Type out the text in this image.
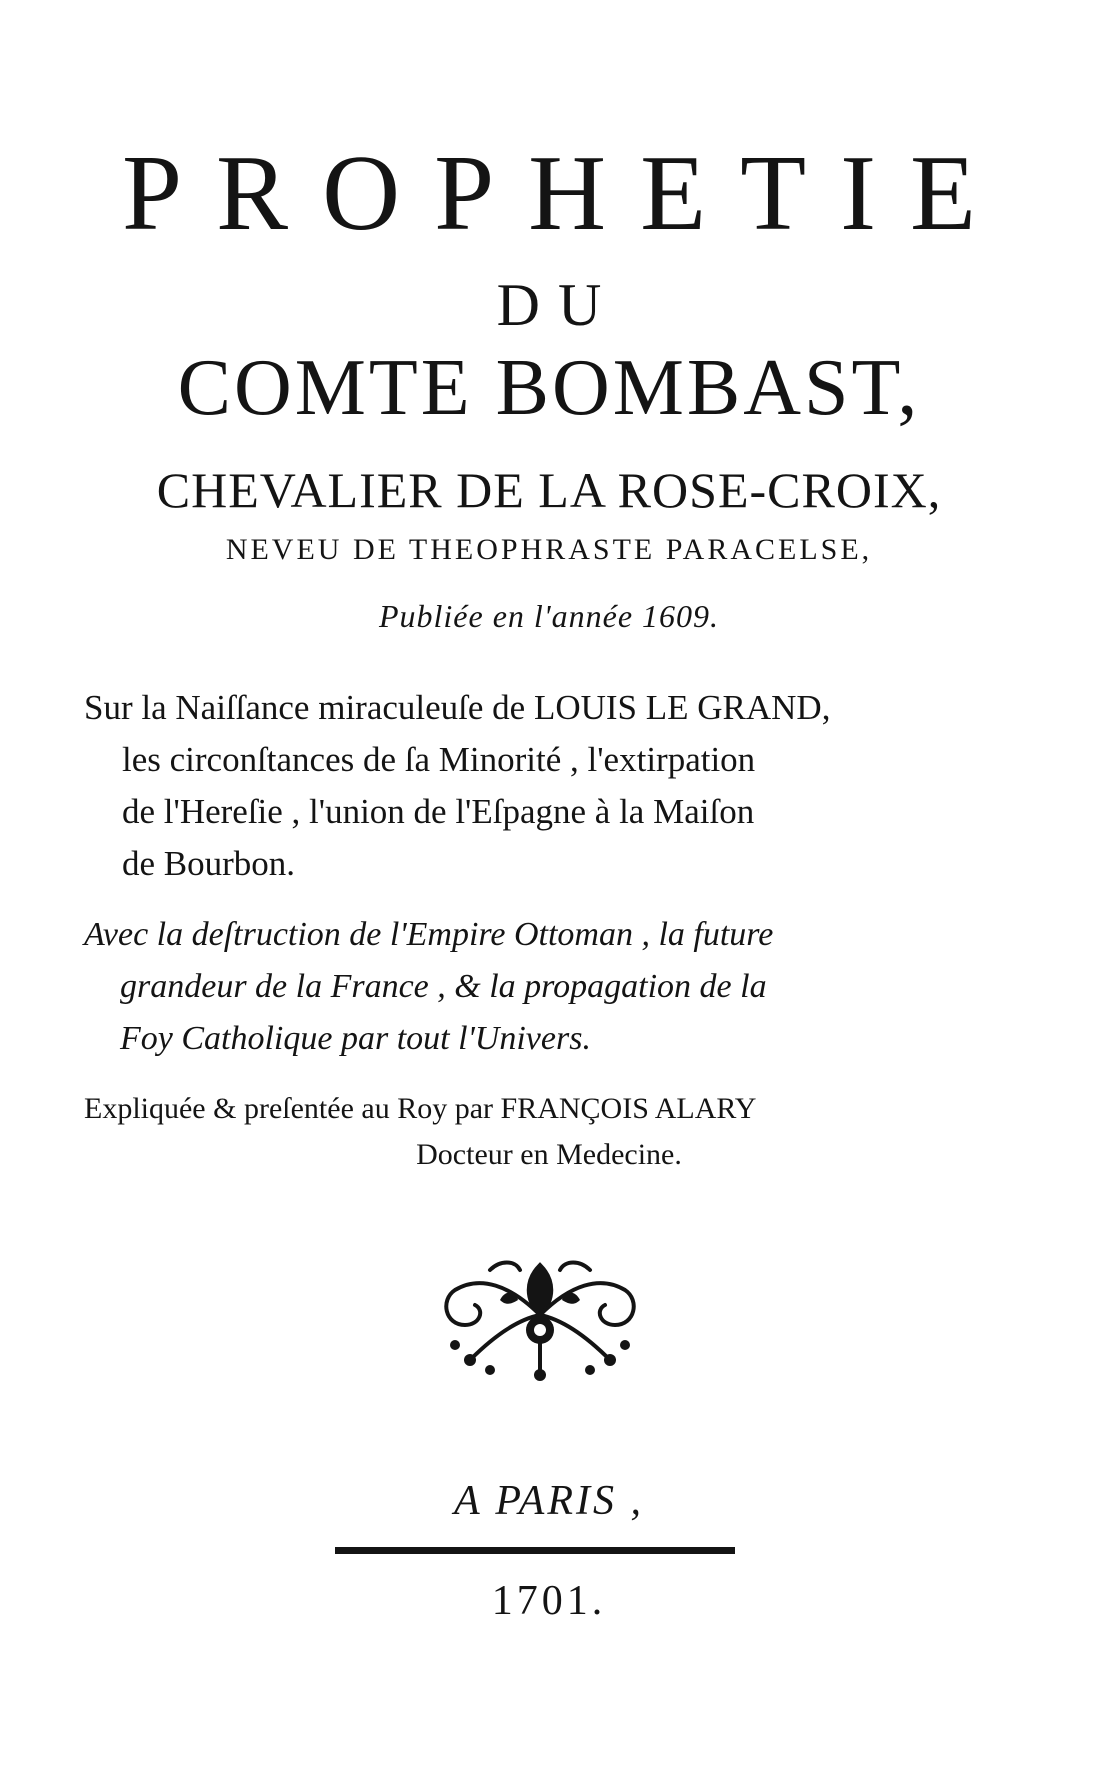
PROPHETIE
DU
COMTE BOMBAST,
CHEVALIER DE LA ROSE-CROIX,
NEVEU DE THEOPHRASTE PARACELSE,
Publiée en l'année 1609.
Sur la Naiſſance miraculeuſe de LOUIS LE GRAND,
les circonſtances de ſa Minorité , l'extirpation
de l'Hereſie , l'union de l'Eſpagne à la Maiſon
de Bourbon.
Avec la deſtruction de l'Empire Ottoman , la future
grandeur de la France , & la propagation de la
Foy Catholique par tout l'Univers.
Expliquée & preſentée au Roy par FRANÇOIS ALARY
Docteur en Medecine.
A PARIS ,
1701.
